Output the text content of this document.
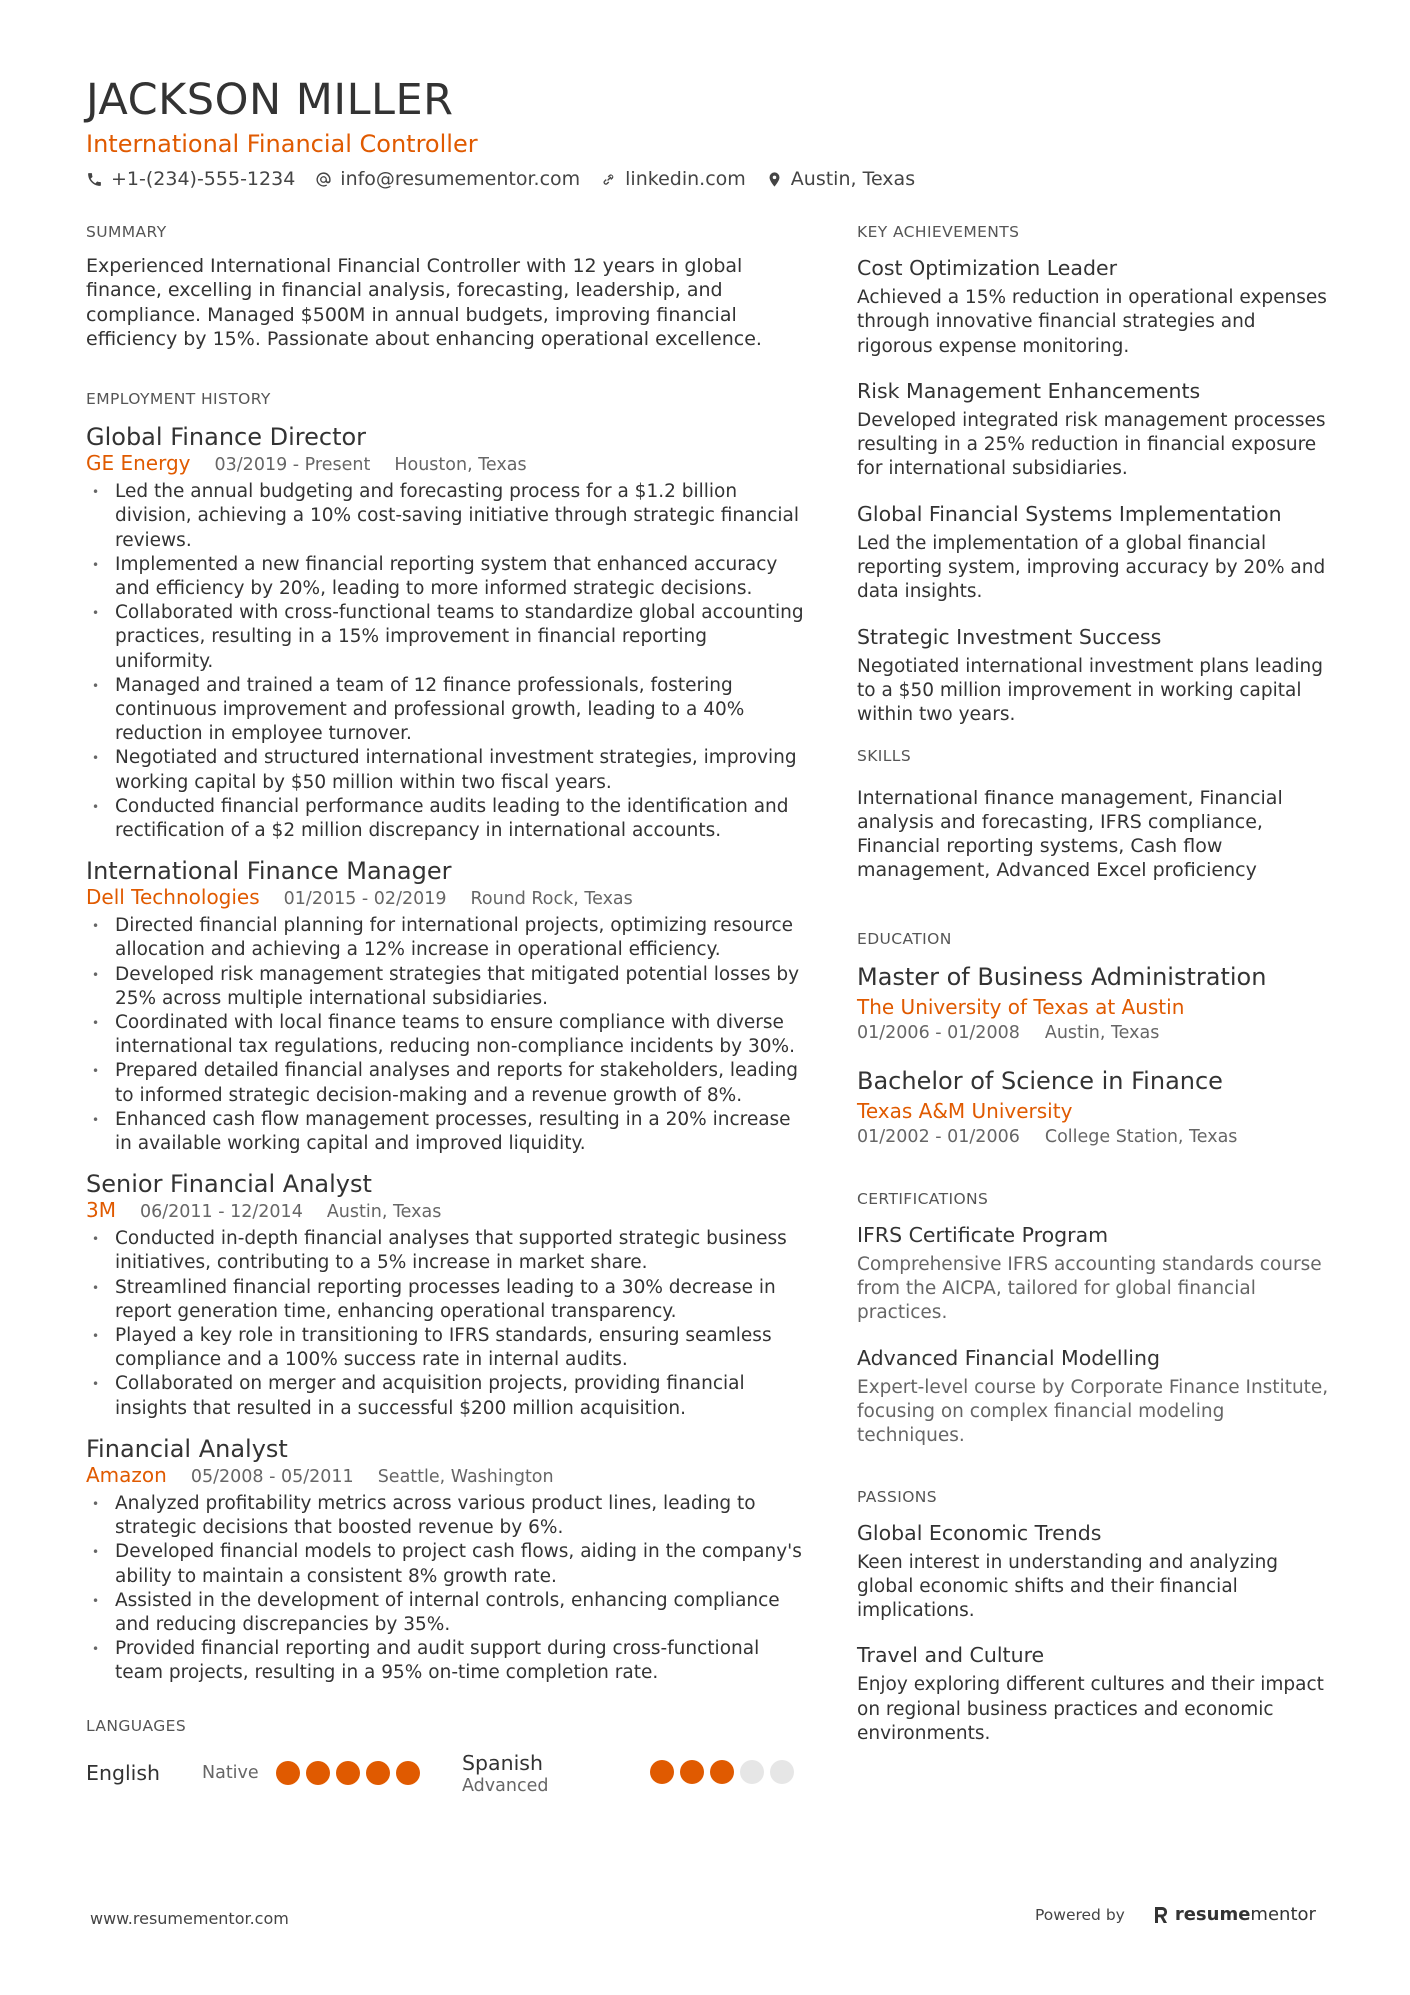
JACKSON MILLER
International Financial Controller
+1-(234)-555-1234 info@resumementor.com linkedin.com Austin, Texas
SUMMARY
Experienced International Financial Controller with 12 years in global finance, excelling in financial analysis, forecasting, leadership, and compliance. Managed $500M in annual budgets, improving financial efficiency by 15%. Passionate about enhancing operational excellence.
EMPLOYMENT HISTORY
Global Finance Director
GE Energy 03/2019 - Present Houston, Texas
• Led the annual budgeting and forecasting process for a $1.2 billion division, achieving a 10% cost-saving initiative through strategic financial reviews.
• Implemented a new financial reporting system that enhanced accuracy and efficiency by 20%, leading to more informed strategic decisions.
• Collaborated with cross-functional teams to standardize global accounting practices, resulting in a 15% improvement in financial reporting uniformity.
• Managed and trained a team of 12 finance professionals, fostering continuous improvement and professional growth, leading to a 40% reduction in employee turnover.
• Negotiated and structured international investment strategies, improving working capital by $50 million within two fiscal years.
• Conducted financial performance audits leading to the identification and rectification of a $2 million discrepancy in international accounts.
International Finance Manager
Dell Technologies 01/2015 - 02/2019 Round Rock, Texas
• Directed financial planning for international projects, optimizing resource allocation and achieving a 12% increase in operational efficiency.
• Developed risk management strategies that mitigated potential losses by 25% across multiple international subsidiaries.
• Coordinated with local finance teams to ensure compliance with diverse international tax regulations, reducing non-compliance incidents by 30%.
• Prepared detailed financial analyses and reports for stakeholders, leading to informed strategic decision-making and a revenue growth of 8%.
• Enhanced cash flow management processes, resulting in a 20% increase in available working capital and improved liquidity.
Senior Financial Analyst
3M 06/2011 - 12/2014 Austin, Texas
• Conducted in-depth financial analyses that supported strategic business initiatives, contributing to a 5% increase in market share.
• Streamlined financial reporting processes leading to a 30% decrease in report generation time, enhancing operational transparency.
• Played a key role in transitioning to IFRS standards, ensuring seamless compliance and a 100% success rate in internal audits.
• Collaborated on merger and acquisition projects, providing financial insights that resulted in a successful $200 million acquisition.
Financial Analyst
Amazon 05/2008 - 05/2011 Seattle, Washington
• Analyzed profitability metrics across various product lines, leading to strategic decisions that boosted revenue by 6%.
• Developed financial models to project cash flows, aiding in the company's ability to maintain a consistent 8% growth rate.
• Assisted in the development of internal controls, enhancing compliance and reducing discrepancies by 35%.
• Provided financial reporting and audit support during cross-functional team projects, resulting in a 95% on-time completion rate.
LANGUAGES
English	Native	Spanish
Advanced
KEY ACHIEVEMENTS
Cost Optimization Leader
Achieved a 15% reduction in operational expenses through innovative financial strategies and rigorous expense monitoring.
Risk Management Enhancements
Developed integrated risk management processes resulting in a 25% reduction in financial exposure for international subsidiaries.
Global Financial Systems Implementation
Led the implementation of a global financial reporting system, improving accuracy by 20% and data insights.
Strategic Investment Success
Negotiated international investment plans leading to a $50 million improvement in working capital within two years.
SKILLS
International finance management, Financial analysis and forecasting, IFRS compliance, Financial reporting systems, Cash flow management, Advanced Excel proficiency
EDUCATION
Master of Business Administration
The University of Texas at Austin
01/2006 - 01/2008 Austin, Texas
Bachelor of Science in Finance
Texas A&M University
01/2002 - 01/2006 College Station, Texas
CERTIFICATIONS
IFRS Certificate Program
Comprehensive IFRS accounting standards course from the AICPA, tailored for global financial practices.
Advanced Financial Modelling
Expert-level course by Corporate Finance Institute, focusing on complex financial modeling techniques.
PASSIONS
Global Economic Trends
Keen interest in understanding and analyzing global economic shifts and their financial implications.
Travel and Culture
Enjoy exploring different cultures and their impact on regional business practices and economic environments.
www.resumementor.com	Powered by	resume mentor
